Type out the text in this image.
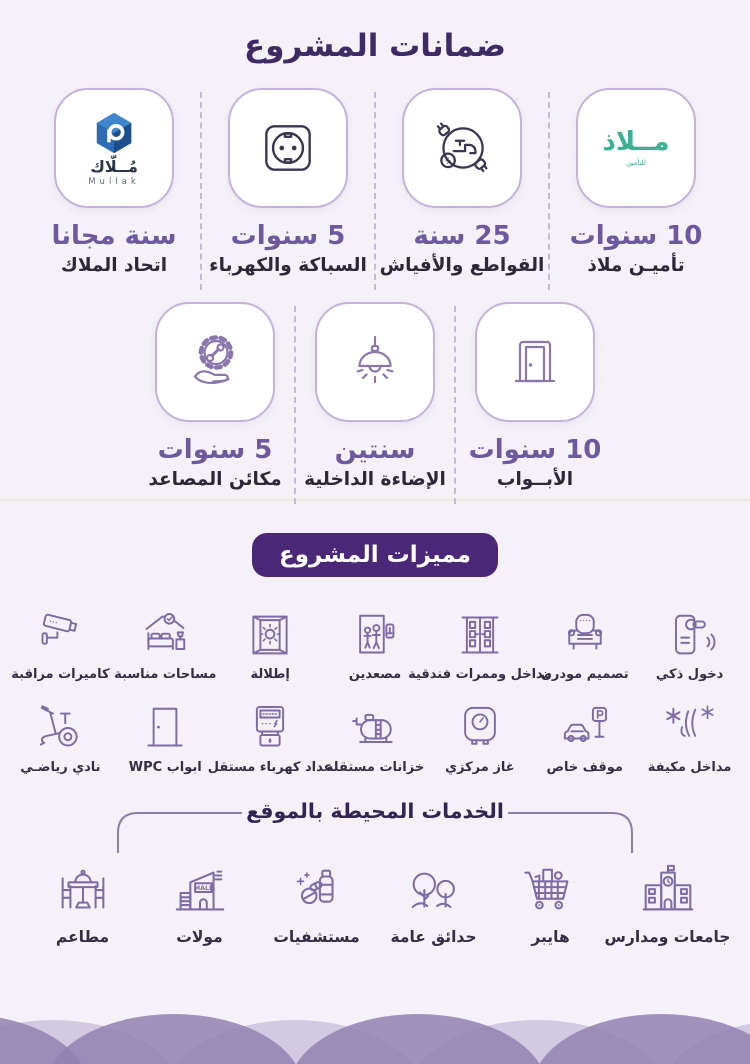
ضمانات المشروع
مــلاذ
للتأمين
10 سنوات
تأميـن ملاذ
25 سنة
القواطع والأفياش
5 سنوات
السباكة والكهرباء
مُــلّاك
Mullak
سنة مجانا
اتحاد الملاك
10 سنوات
الأبــواب
سنتين
الإضاءة الداخلية
5 سنوات
مكائن المصاعد
مميزات المشروع
دخول ذكي
تصميم مودرن
مداخل وممرات فندقية
مصعدين
إطلالة
مساحات مناسبة
كاميرات مراقبة
مداخل مكيفة
موقف خاص
غاز مركزي
خزانات مستقلة
عداد كهرباء مستقل
ابواب WPC
نادي رياضـي
الخدمات المحيطة بالموقع
جامعات ومدارس
هايبر
حدائق عامة
مستشفيات
MALL
مولات
مطاعم
